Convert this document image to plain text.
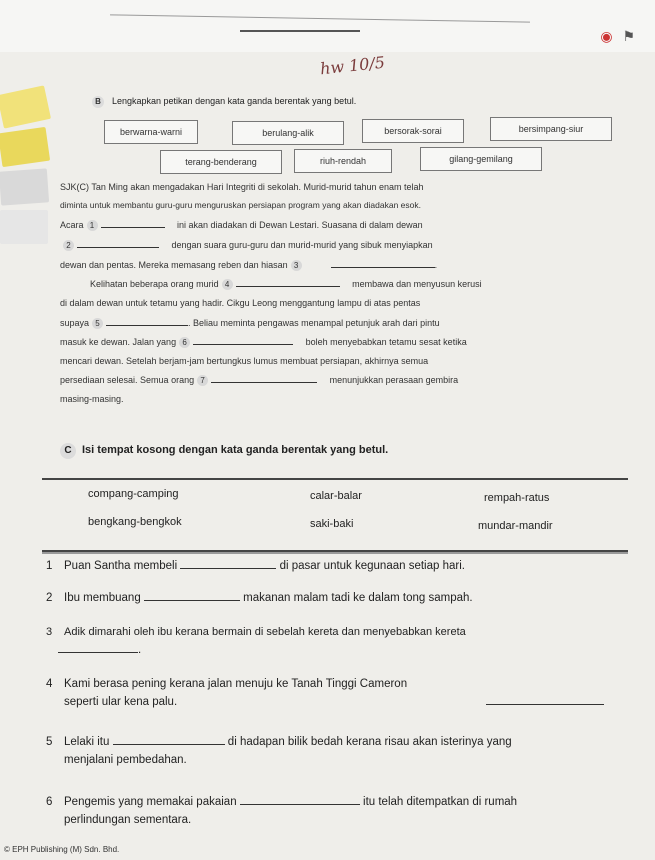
◉ ⚑
hw 10/5
B Lengkapkan petikan dengan kata ganda berentak yang betul.
berwarna-warni	berulang-alik	bersorak-sorai	bersimpang-siur
terang-benderang	riuh-rendah	gilang-gemilang
SJK(C) Tan Ming akan mengadakan Hari Integriti di sekolah. Murid-murid tahun enam telah
diminta untuk membantu guru-guru menguruskan persiapan program yang akan diadakan esok.
Acara 1	ini akan diadakan di Dewan Lestari. Suasana di dalam dewan
2	dengan suara guru-guru dan murid-murid yang sibuk menyiapkan
dewan dan pentas. Mereka memasang reben dan hiasan 3	.
Kelihatan beberapa orang murid 4	membawa dan menyusun kerusi
di dalam dewan untuk tetamu yang hadir. Cikgu Leong menggantung lampu di atas pentas
supaya 5	. Beliau meminta pengawas menampal petunjuk arah dari pintu
masuk ke dewan. Jalan yang 6	boleh menyebabkan tetamu sesat ketika
mencari dewan. Setelah berjam-jam bertungkus lumus membuat persiapan, akhirnya semua
persediaan selesai. Semua orang 7	menunjukkan perasaan gembira
masing-masing.
C Isi tempat kosong dengan kata ganda berentak yang betul.
compang-camping	calar-balar	rempah-ratus
bengkang-bengkok	saki-baki	mundar-mandir
1 Puan Santha membeli	di pasar untuk kegunaan setiap hari.
2 Ibu membuang	makanan malam tadi ke dalam tong sampah.
3 Adik dimarahi oleh ibu kerana bermain di sebelah kereta dan menyebabkan kereta
.
4 Kami berasa pening kerana jalan menuju ke Tanah Tinggi Cameron
seperti ular kena palu.
5 Lelaki itu	di hadapan bilik bedah kerana risau akan isterinya yang
menjalani pembedahan.
6 Pengemis yang memakai pakaian	itu telah ditempatkan di rumah
perlindungan sementara.
© EPH Publishing (M) Sdn. Bhd.
